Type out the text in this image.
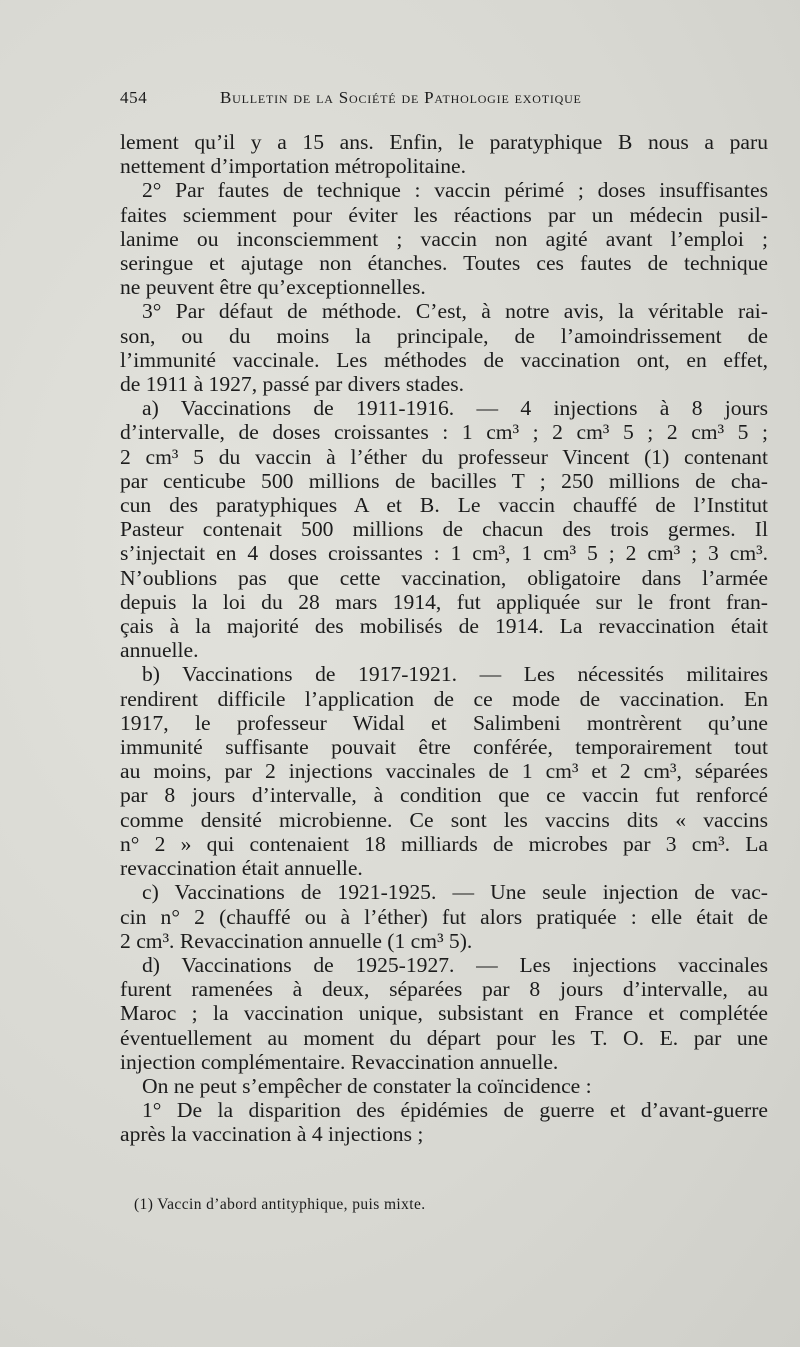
454	Bulletin de la Société de Pathologie exotique
lement qu’il y a 15 ans. Enfin, le paratyphique B nous a paru
nettement d’importation métropolitaine.
2° Par fautes de technique : vaccin périmé ; doses insuffisantes
faites sciemment pour éviter les réactions par un médecin pusil-
lanime ou inconsciemment ; vaccin non agité avant l’emploi ;
seringue et ajutage non étanches. Toutes ces fautes de technique
ne peuvent être qu’exceptionnelles.
3° Par défaut de méthode. C’est, à notre avis, la véritable rai-
son, ou du moins la principale, de l’amoindrissement de
l’immunité vaccinale. Les méthodes de vaccination ont, en effet,
de 1911 à 1927, passé par divers stades.
a) Vaccinations de 1911-1916. — 4 injections à 8 jours
d’intervalle, de doses croissantes : 1 cm³ ; 2 cm³ 5 ; 2 cm³ 5 ;
2 cm³ 5 du vaccin à l’éther du professeur Vincent (1) contenant
par centicube 500 millions de bacilles T ; 250 millions de cha-
cun des paratyphiques A et B. Le vaccin chauffé de l’Institut
Pasteur contenait 500 millions de chacun des trois germes. Il
s’injectait en 4 doses croissantes : 1 cm³, 1 cm³ 5 ; 2 cm³ ; 3 cm³.
N’oublions pas que cette vaccination, obligatoire dans l’armée
depuis la loi du 28 mars 1914, fut appliquée sur le front fran-
çais à la majorité des mobilisés de 1914. La revaccination était
annuelle.
b) Vaccinations de 1917-1921. — Les nécessités militaires
rendirent difficile l’application de ce mode de vaccination. En
1917, le professeur Widal et Salimbeni montrèrent qu’une
immunité suffisante pouvait être conférée, temporairement tout
au moins, par 2 injections vaccinales de 1 cm³ et 2 cm³, séparées
par 8 jours d’intervalle, à condition que ce vaccin fut renforcé
comme densité microbienne. Ce sont les vaccins dits « vaccins
n° 2 » qui contenaient 18 milliards de microbes par 3 cm³. La
revaccination était annuelle.
c) Vaccinations de 1921-1925. — Une seule injection de vac-
cin n° 2 (chauffé ou à l’éther) fut alors pratiquée : elle était de
2 cm³. Revaccination annuelle (1 cm³ 5).
d) Vaccinations de 1925-1927. — Les injections vaccinales
furent ramenées à deux, séparées par 8 jours d’intervalle, au
Maroc ; la vaccination unique, subsistant en France et complétée
éventuellement au moment du départ pour les T. O. E. par une
injection complémentaire. Revaccination annuelle.
On ne peut s’empêcher de constater la coïncidence :
1° De la disparition des épidémies de guerre et d’avant-guerre
après la vaccination à 4 injections ;
(1) Vaccin d’abord antityphique, puis mixte.
